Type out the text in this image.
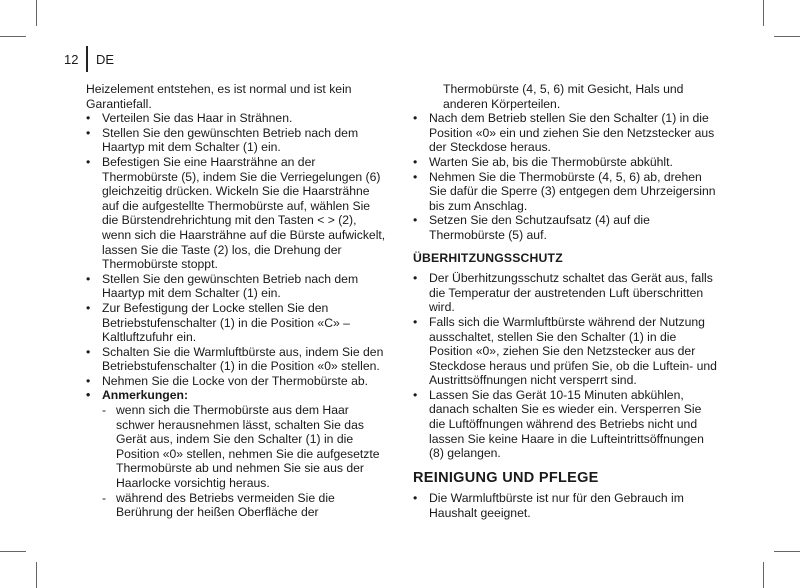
12 DE

Heizelement entstehen, es ist normal und ist kein Garantiefall.

• Verteilen Sie das Haar in Strähnen.
• Stellen Sie den gewünschten Betrieb nach dem Haartyp mit dem Schalter (1) ein.
• Befestigen Sie eine Haarsträhne an der Thermobürste (5), indem Sie die Verriegelungen (6) gleichzeitig drücken. Wickeln Sie die Haarsträhne auf die aufgestellte Thermobürste auf, wählen Sie die Bürstendrehrichtung mit den Tasten < > (2), wenn sich die Haarsträhne auf die Bürste aufwickelt, lassen Sie die Taste (2) los, die Drehung der Thermobürste stoppt.
• Stellen Sie den gewünschten Betrieb nach dem Haartyp mit dem Schalter (1) ein.
• Zur Befestigung der Locke stellen Sie den Betriebstufenschalter (1) in die Position «C» – Kaltluftzufuhr ein.
• Schalten Sie die Warmluftbürste aus, indem Sie den Betriebstufenschalter (1) in die Position «0» stellen.
• Nehmen Sie die Locke von der Thermobürste ab.
• Anmerkungen:
- wenn sich die Thermobürste aus dem Haar schwer herausnehmen lässt, schalten Sie das Gerät aus, indem Sie den Schalter (1) in die Position «0» stellen, nehmen Sie die aufgesetzte Thermobürste ab und nehmen Sie sie aus der Haarlocke vorsichtig heraus.
- während des Betriebs vermeiden Sie die Berührung der heißen Oberfläche der

Thermobürste (4, 5, 6) mit Gesicht, Hals und anderen Körperteilen.

• Nach dem Betrieb stellen Sie den Schalter (1) in die Position «0» ein und ziehen Sie den Netzstecker aus der Steckdose heraus.
• Warten Sie ab, bis die Thermobürste abkühlt.
• Nehmen Sie die Thermobürste (4, 5, 6) ab, drehen Sie dafür die Sperre (3) entgegen dem Uhrzeigersinn bis zum Anschlag.
• Setzen Sie den Schutzaufsatz (4) auf die Thermobürste (5) auf.
ÜBERHITZUNGSSCHUTZ
• Der Überhitzungsschutz schaltet das Gerät aus, falls die Temperatur der austretenden Luft überschritten wird.
• Falls sich die Warmluftbürste während der Nutzung ausschaltet, stellen Sie den Schalter (1) in die Position «0», ziehen Sie den Netzstecker aus der Steckdose heraus und prüfen Sie, ob die Luftein- und Austrittsöffnungen nicht versperrt sind.
• Lassen Sie das Gerät 10-15 Minuten abkühlen, danach schalten Sie es wieder ein. Versperren Sie die Luftöffnungen während des Betriebs nicht und lassen Sie keine Haare in die Lufteintrittsöffnungen (8) gelangen.
REINIGUNG UND PFLEGE
• Die Warmluftbürste ist nur für den Gebrauch im Haushalt geeignet.
